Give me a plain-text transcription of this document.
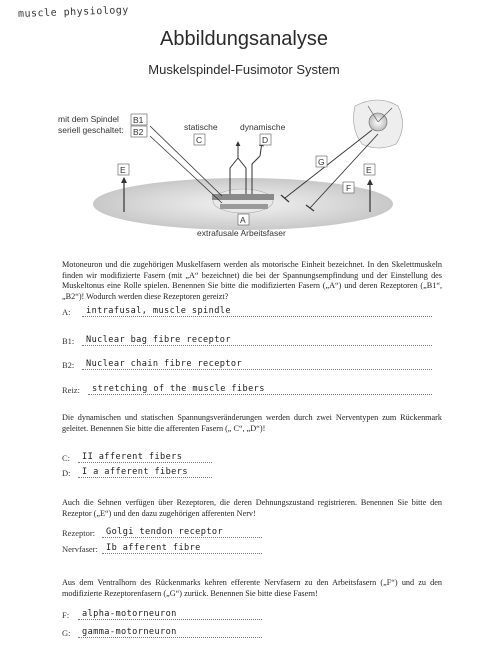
muscle physiology
Abbildungsanalyse
Muskelspindel-Fusimotor System
mit dem Spindel
seriell geschaltet:
B1
B2	statische
C
dynamische
D
E	E
G
F
A
extrafusale Arbeitsfaser
Motoneuron und die zugehörigen Muskelfasern werden als motorische Einheit bezeichnet. In den Skelettmuskeln finden wir modifizierte Fasern (mit „A“ bezeichnet) die bei der Spannungsempfindung und der Einstellung des Muskeltonus eine Rolle spielen. Benennen Sie bitte die modifizierten Fasern („A“) und deren Rezeptoren („B1“, „B2“)! Wodurch werden diese Rezeptoren gereizt?
A: intrafusal, muscle spindle
B1: Nuclear bag fibre receptor
B2: Nuclear chain fibre receptor
Reiz: stretching of the muscle fibers
Die dynamischen und statischen Spannungsveränderungen werden durch zwei Nerventypen zum Rückenmark geleitet. Benennen Sie bitte die afferenten Fasern („ C“, „D“)!
C: II afferent fibers
D: I a afferent fibers
Auch die Sehnen verfügen über Rezeptoren, die deren Dehnungszustand registrieren. Benennen Sie bitte den Rezeptor („E“) und den dazu zugehörigen afferenten Nerv!
Rezeptor: Golgi tendon receptor
Nervfaser: Ib afferent fibre
Aus dem Ventralhorn des Rückenmarks kehren efferente Nervfasern zu den Arbeitsfasern („F“) und zu den modifizierte Rezeptorenfasern („G“) zurück. Benennen Sie bitte diese Fasern!
F: alpha-motorneuron
G: gamma-motorneuron
